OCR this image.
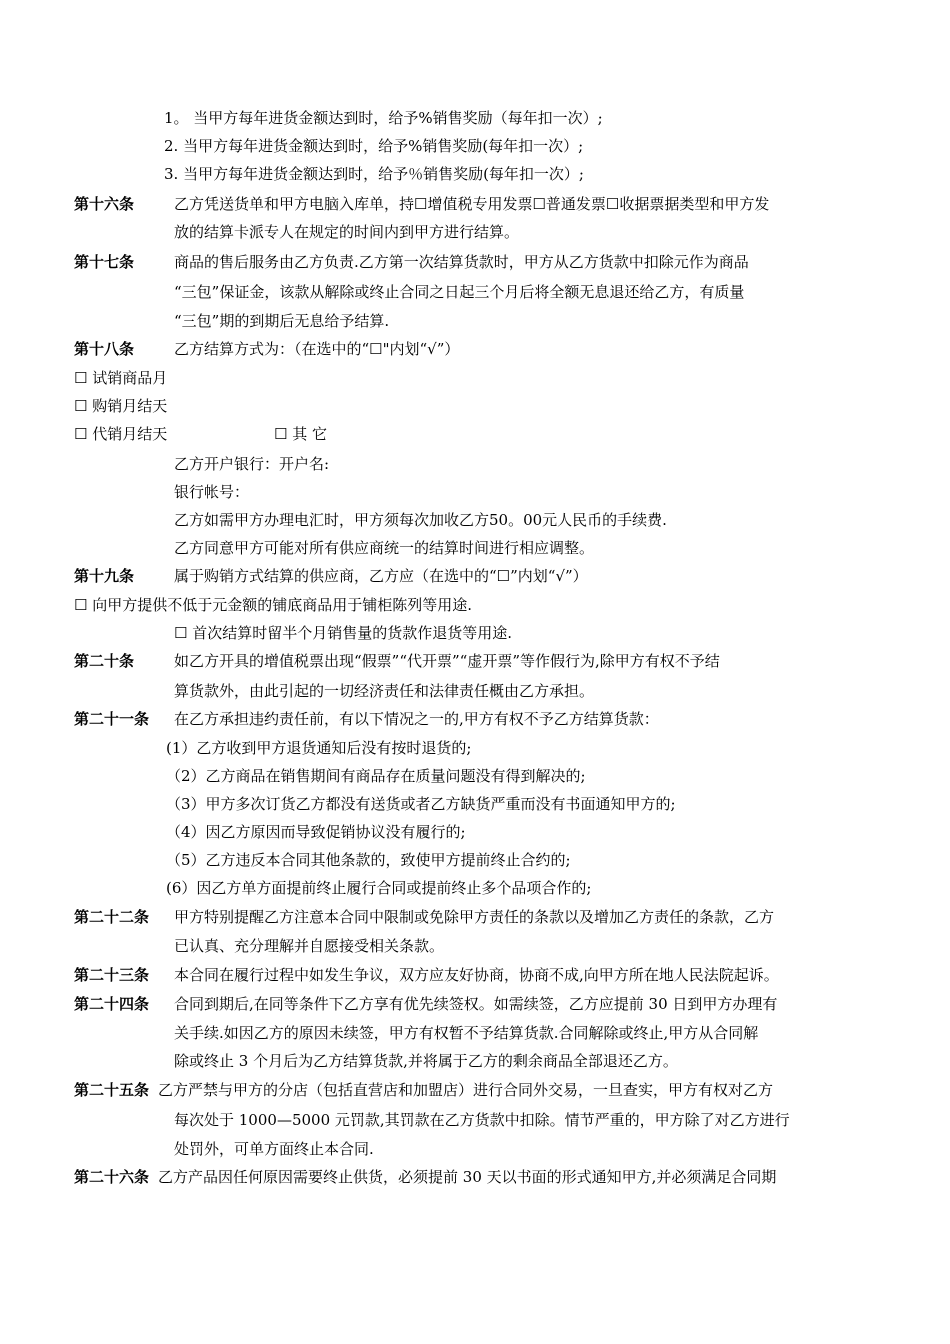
1。 当甲方每年进货金额达到时，给予%销售奖励（每年扣一次）;
2. 当甲方每年进货金额达到时，给予%销售奖励(每年扣一次）;
3. 当甲方每年进货金额达到时，给予％销售奖励(每年扣一次）;
第十六条	乙方凭送货单和甲方电脑入库单，持☐增值税专用发票☐普通发票☐收据票据类型和甲方发
放的结算卡派专人在规定的时间内到甲方进行结算。
第十七条	商品的售后服务由乙方负责.乙方第一次结算货款时，甲方从乙方货款中扣除元作为商品
“三包”保证金，该款从解除或终止合同之日起三个月后将全额无息退还给乙方，有质量
“三包”期的到期后无息给予结算.
第十八条	乙方结算方式为：（在选中的“☐"内划“√”）
☐ 试销商品月
☐ 购销月结天
☐ 代销月结天	☐ 其 它
乙方开户银行：开户名:
银行帐号：
乙方如需甲方办理电汇时，甲方须每次加收乙方50。00元人民币的手续费.
乙方同意甲方可能对所有供应商统一的结算时间进行相应调整。
第十九条	属于购销方式结算的供应商，乙方应（在选中的“☐”内划“√”）
☐ 向甲方提供不低于元金额的铺底商品用于铺柜陈列等用途.
☐ 首次结算时留半个月销售量的货款作退货等用途.
第二十条	如乙方开具的增值税票出现“假票”“代开票”“虚开票”等作假行为,除甲方有权不予结
算货款外，由此引起的一切经济责任和法律责任概由乙方承担。
第二十一条 在乙方承担违约责任前，有以下情况之一的,甲方有权不予乙方结算货款：
(1）乙方收到甲方退货通知后没有按时退货的;
（2）乙方商品在销售期间有商品存在质量问题没有得到解决的;
（3）甲方多次订货乙方都没有送货或者乙方缺货严重而没有书面通知甲方的;
（4）因乙方原因而导致促销协议没有履行的;
（5）乙方违反本合同其他条款的，致使甲方提前终止合约的;
(6）因乙方单方面提前终止履行合同或提前终止多个品项合作的;
第二十二条 甲方特别提醒乙方注意本合同中限制或免除甲方责任的条款以及增加乙方责任的条款，乙方
已认真、充分理解并自愿接受相关条款。
第二十三条 本合同在履行过程中如发生争议，双方应友好协商，协商不成,向甲方所在地人民法院起诉。
第二十四条 合同到期后,在同等条件下乙方享有优先续签权。如需续签，乙方应提前 30 日到甲方办理有
关手续.如因乙方的原因未续签，甲方有权暂不予结算货款.合同解除或终止,甲方从合同解
除或终止 3 个月后为乙方结算货款,并将属于乙方的剩余商品全部退还乙方。
第二十五条 乙方严禁与甲方的分店（包括直营店和加盟店）进行合同外交易，一旦查实，甲方有权对乙方
每次处于 1000—5000 元罚款,其罚款在乙方货款中扣除。情节严重的，甲方除了对乙方进行
处罚外，可单方面终止本合同.
第二十六条 乙方产品因任何原因需要终止供货，必须提前 30 天以书面的形式通知甲方,并必须满足合同期
